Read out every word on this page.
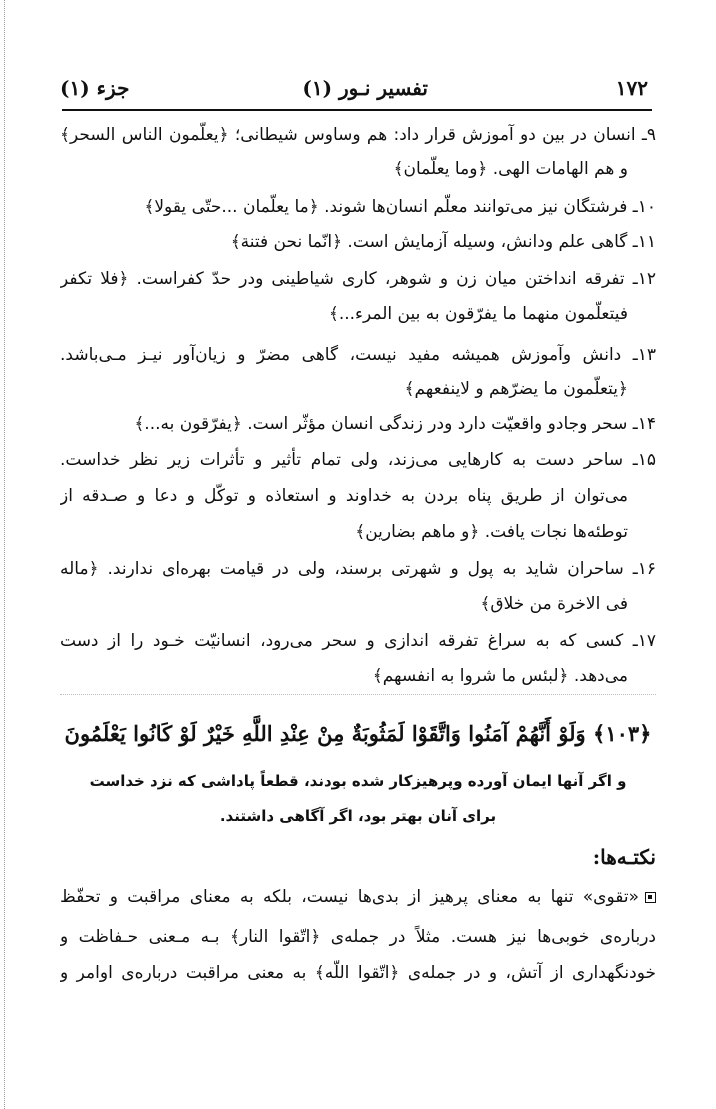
۱۷۲
تفسیر نـور (۱)
جزء (۱)
۹ـ انسان در بین دو آموزش قرار داد: هم وساوس شیطانی؛ ﴿یعلّمون الناس السحر﴾
و هم الهامات الهی. ﴿وما یعلّمان﴾
۱۰ـ فرشتگان نیز می‌توانند معلّم انسان‌ها شوند. ﴿ما یعلّمان ...حتّی یقولا﴾
۱۱ـ گاهی علم ودانش، وسیله آزمایش است. ﴿انّما نحن فتنة﴾
۱۲ـ تفرقه انداختن میان زن و شوهر، کاری شیاطینی ودر حدّ کفراست. ﴿فلا تکفر
فیتعلّمون منهما ما یفرّقون به بین المرء...﴾
۱۳ـ دانش وآموزش همیشه مفید نیست، گاهی مضرّ و زیان‌آور نیـز مـی‌باشد.
﴿یتعلّمون ما یضرّهم و لاینفعهم﴾
۱۴ـ سحر وجادو واقعیّت دارد ودر زندگی انسان مؤثّر است. ﴿یفرّقون به...﴾
۱۵ـ ساحر دست به کارهایی می‌زند، ولی تمام تأثیر و تأثرات زیر نظر خداست.
می‌توان از طریق پناه بردن به خداوند و استعاذه و توکّل و دعا و صـدقه از
توطئه‌ها نجات یافت. ﴿و ماهم بضارین﴾
۱۶ـ ساحران شاید به پول و شهرتی برسند، ولی در قیامت بهره‌ای ندارند. ﴿ماله
فی الاخرة من خلاق﴾
۱۷ـ کسی که به سراغ تفرقه اندازی و سحر می‌رود، انسانیّت خـود را از دست
می‌دهد. ﴿لبئس ما شروا به انفسهم﴾
﴿۱۰۳﴾ وَلَوْ أَنَّهُمْ آمَنُوا وَاتَّقَوْا لَمَثُوبَةٌ مِنْ عِنْدِ اللَّهِ خَيْرٌ لَوْ كَانُوا يَعْلَمُونَ
و اگر آنها ایمان آورده وپرهیزکار شده بودند، قطعاً پاداشی که نزد خداست
برای آنان بهتر بود، اگر آگاهی داشتند.
نکتـه‌ها:
«تقوی» تنها به معنای پرهیز از بدی‌ها نیست، بلکه به معنای مراقبت و تحفّظ
درباره‌ی خوبی‌ها نیز هست. مثلاً در جمله‌ی ﴿اتّقوا النار﴾ بـه مـعنی حـفاظت و
خودنگهداری از آتش، و در جمله‌ی ﴿اتّقوا اللّه﴾ به معنی مراقبت درباره‌ی اوامر و
